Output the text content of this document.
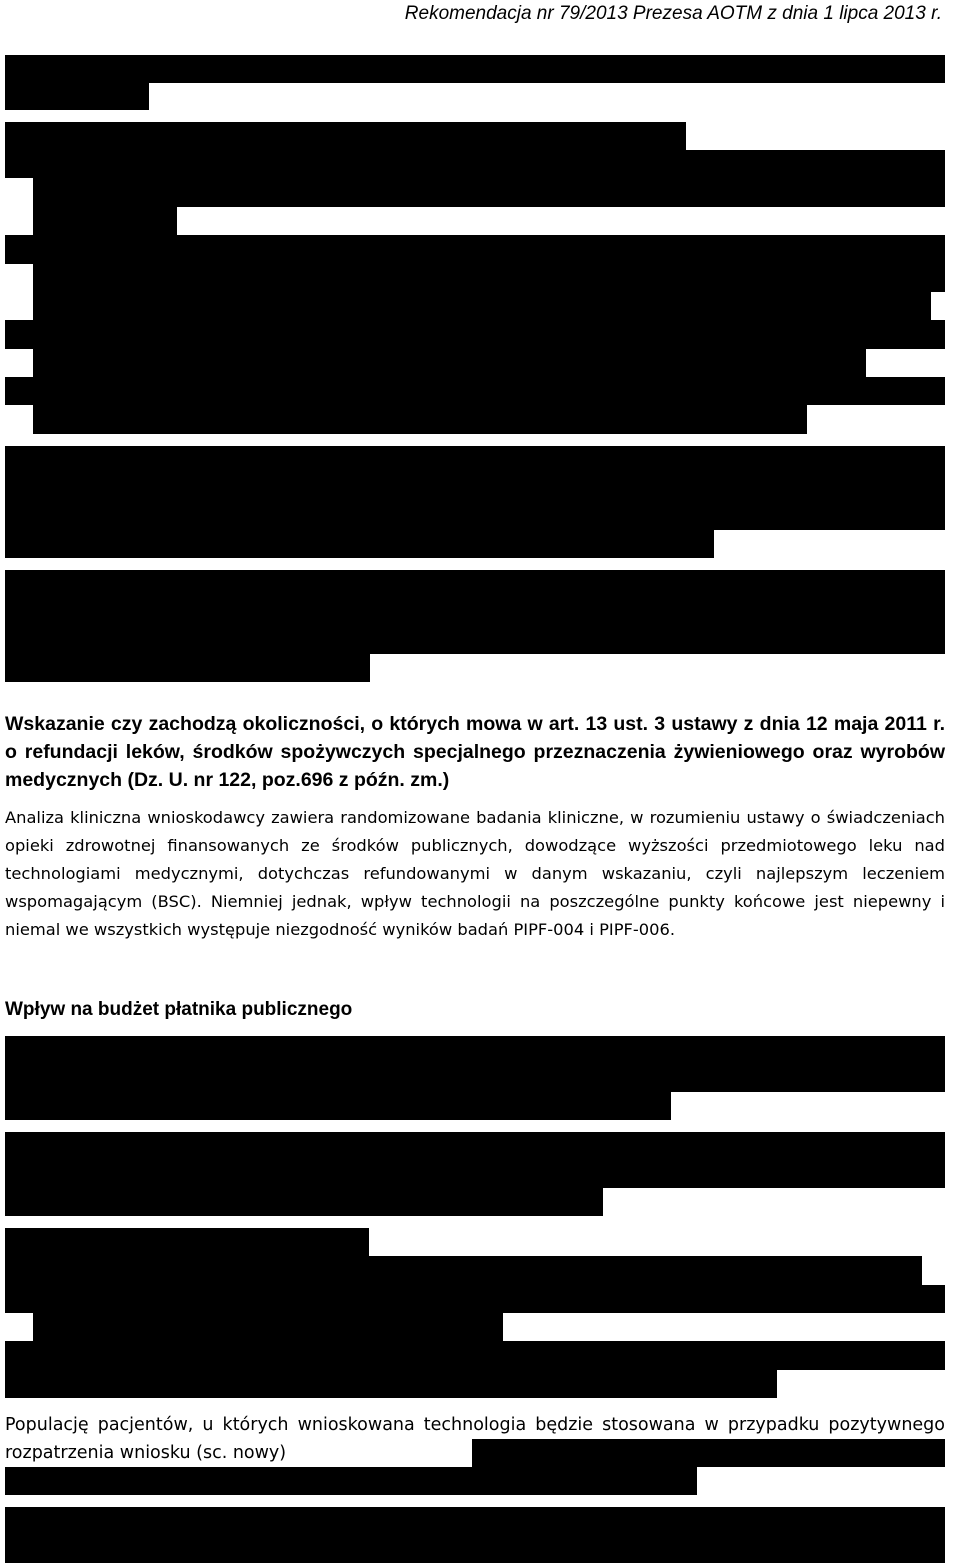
Rekomendacja nr 79/2013 Prezesa AOTM z dnia 1 lipca 2013 r.

Wskazanie czy zachodzą okoliczności, o których mowa w art. 13 ust. 3 ustawy z dnia 12 maja 2011 r. o refundacji leków, środków spożywczych specjalnego przeznaczenia żywieniowego oraz wyrobów medycznych (Dz. U. nr 122, poz.696 z późn. zm.)

Analiza kliniczna wnioskodawcy zawiera randomizowane badania kliniczne, w rozumieniu ustawy o świadczeniach opieki zdrowotnej finansowanych ze środków publicznych, dowodzące wyższości przedmiotowego leku nad technologiami medycznymi, dotychczas refundowanymi w danym wskazaniu, czyli najlepszym leczeniem wspomagającym (BSC). Niemniej jednak, wpływ technologii na poszczególne punkty końcowe jest niepewny i niemal we wszystkich występuje niezgodność wyników badań PIPF-004 i PIPF-006.

Wpływ na budżet płatnika publicznego

Populację pacjentów, u których wnioskowana technologia będzie stosowana w przypadku pozytywnego rozpatrzenia wniosku (sc. nowy)
